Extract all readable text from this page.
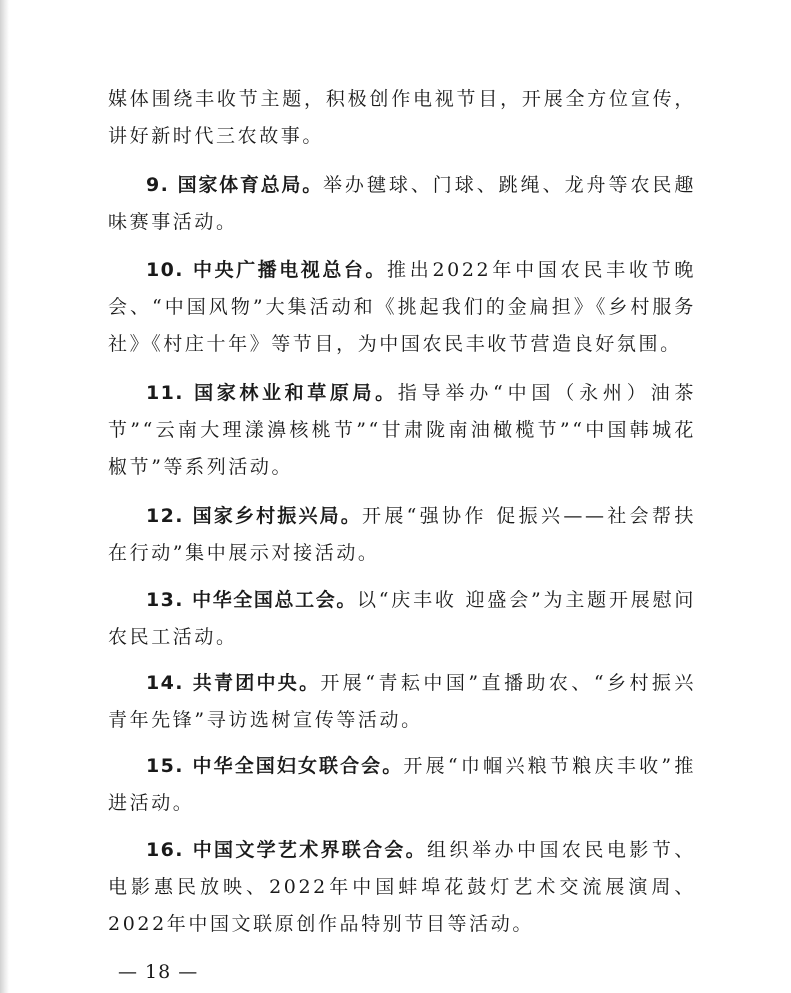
媒体围绕丰收节主题，积极创作电视节目，开展全方位宣传，讲好新时代三农故事。

9. 国家体育总局。举办毽球、门球、跳绳、龙舟等农民趣味赛事活动。

10. 中央广播电视总台。推出2022年中国农民丰收节晚会、“中国风物”大集活动和《挑起我们的金扁担》《乡村服务社》《村庄十年》等节目，为中国农民丰收节营造良好氛围。

11. 国家林业和草原局。指导举办“中国（永州）油茶节”“云南大理漾濞核桃节”“甘肃陇南油橄榄节”“中国韩城花椒节”等系列活动。

12. 国家乡村振兴局。开展“强协作 促振兴——社会帮扶在行动”集中展示对接活动。

13. 中华全国总工会。以“庆丰收 迎盛会”为主题开展慰问农民工活动。

14. 共青团中央。开展“青耘中国”直播助农、“乡村振兴青年先锋”寻访选树宣传等活动。

15. 中华全国妇女联合会。开展“巾帼兴粮节粮庆丰收”推进活动。

16. 中国文学艺术界联合会。组织举办中国农民电影节、电影惠民放映、2022年中国蚌埠花鼓灯艺术交流展演周、2022年中国文联原创作品特别节目等活动。

— 18 —
